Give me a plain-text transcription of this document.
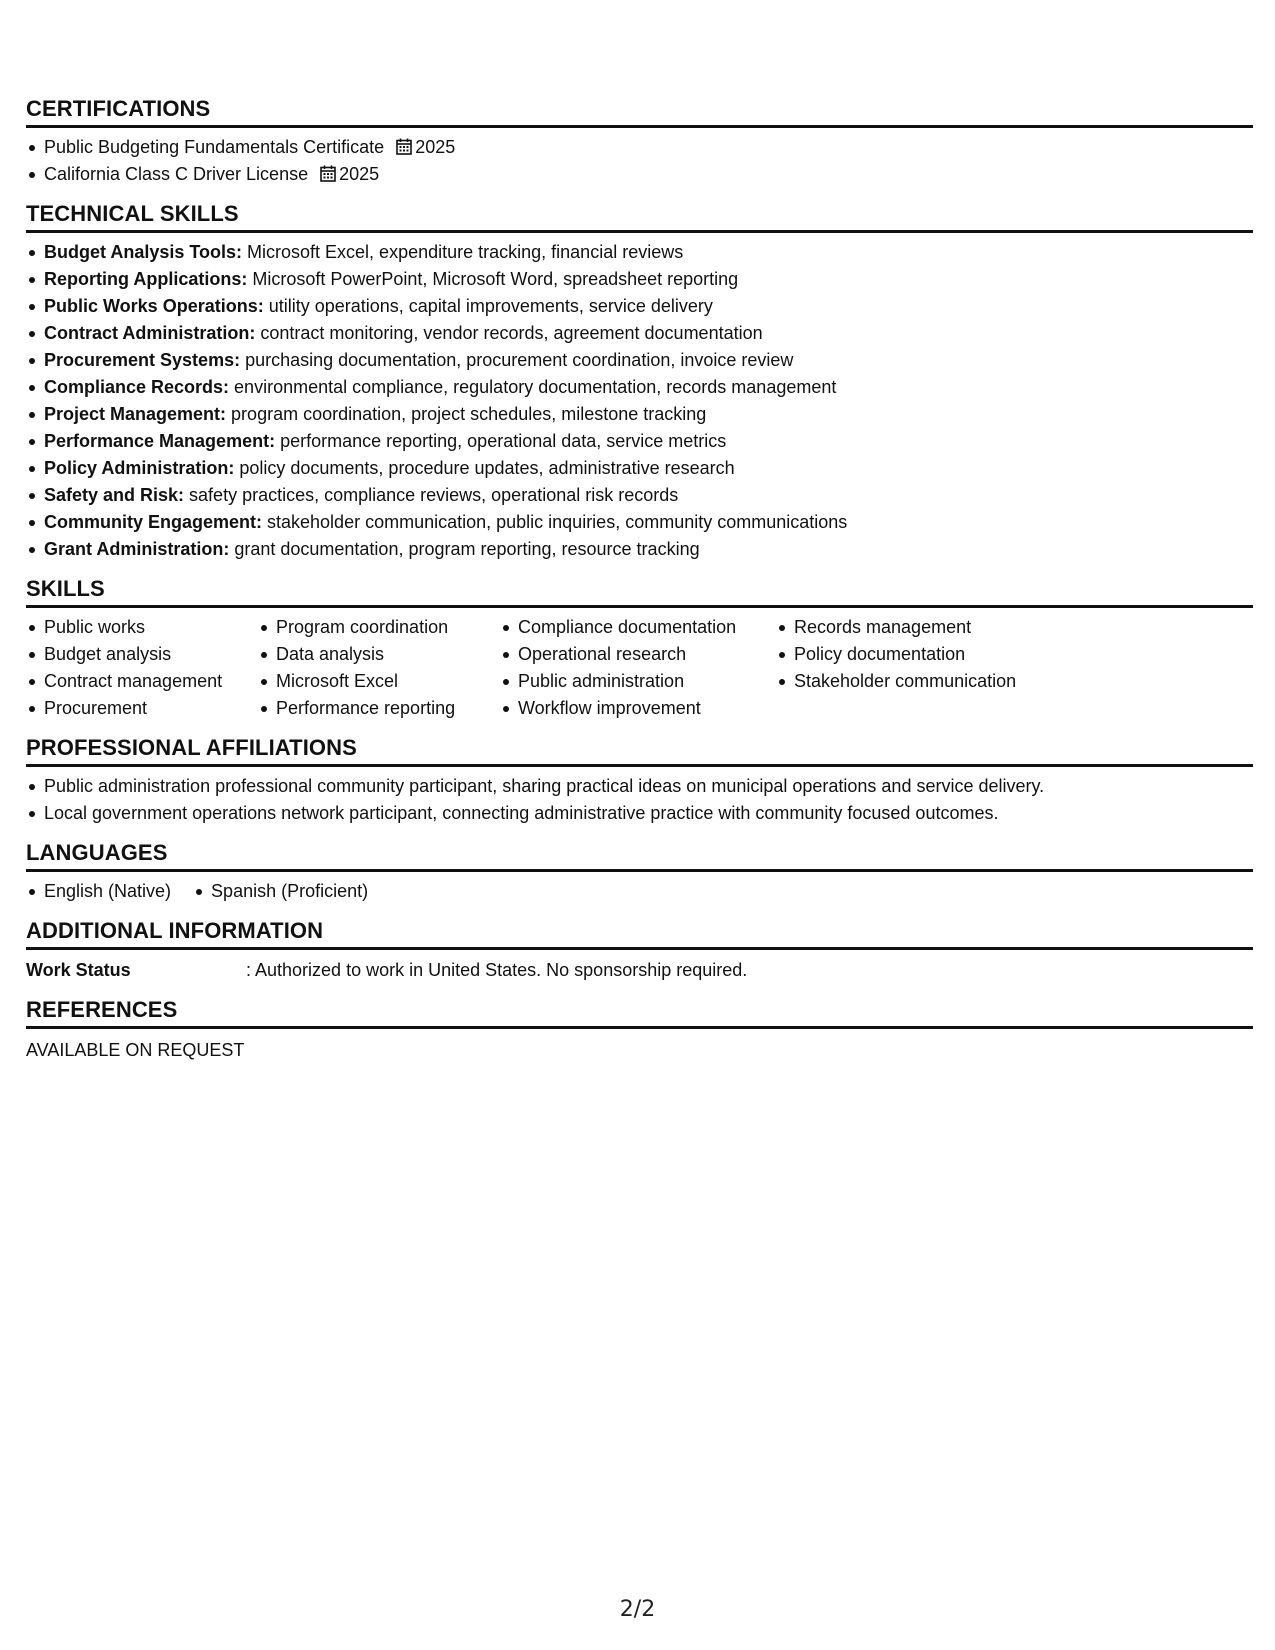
CERTIFICATIONS
Public Budgeting Fundamentals Certificate 2025
California Class C Driver License 2025
TECHNICAL SKILLS
Budget Analysis Tools: Microsoft Excel, expenditure tracking, financial reviews
Reporting Applications: Microsoft PowerPoint, Microsoft Word, spreadsheet reporting
Public Works Operations: utility operations, capital improvements, service delivery
Contract Administration: contract monitoring, vendor records, agreement documentation
Procurement Systems: purchasing documentation, procurement coordination, invoice review
Compliance Records: environmental compliance, regulatory documentation, records management
Project Management: program coordination, project schedules, milestone tracking
Performance Management: performance reporting, operational data, service metrics
Policy Administration: policy documents, procedure updates, administrative research
Safety and Risk: safety practices, compliance reviews, operational risk records
Community Engagement: stakeholder communication, public inquiries, community communications
Grant Administration: grant documentation, program reporting, resource tracking
SKILLS
Public works
Budget analysis
Contract management
Procurement
Program coordination
Data analysis
Microsoft Excel
Performance reporting
Compliance documentation
Operational research
Public administration
Workflow improvement
Records management
Policy documentation
Stakeholder communication
PROFESSIONAL AFFILIATIONS
Public administration professional community participant, sharing practical ideas on municipal operations and service delivery.
Local government operations network participant, connecting administrative practice with community focused outcomes.
LANGUAGES
English (Native) Spanish (Proficient)
ADDITIONAL INFORMATION
Work Status	: Authorized to work in United States. No sponsorship required.
REFERENCES
AVAILABLE ON REQUEST
2/2
